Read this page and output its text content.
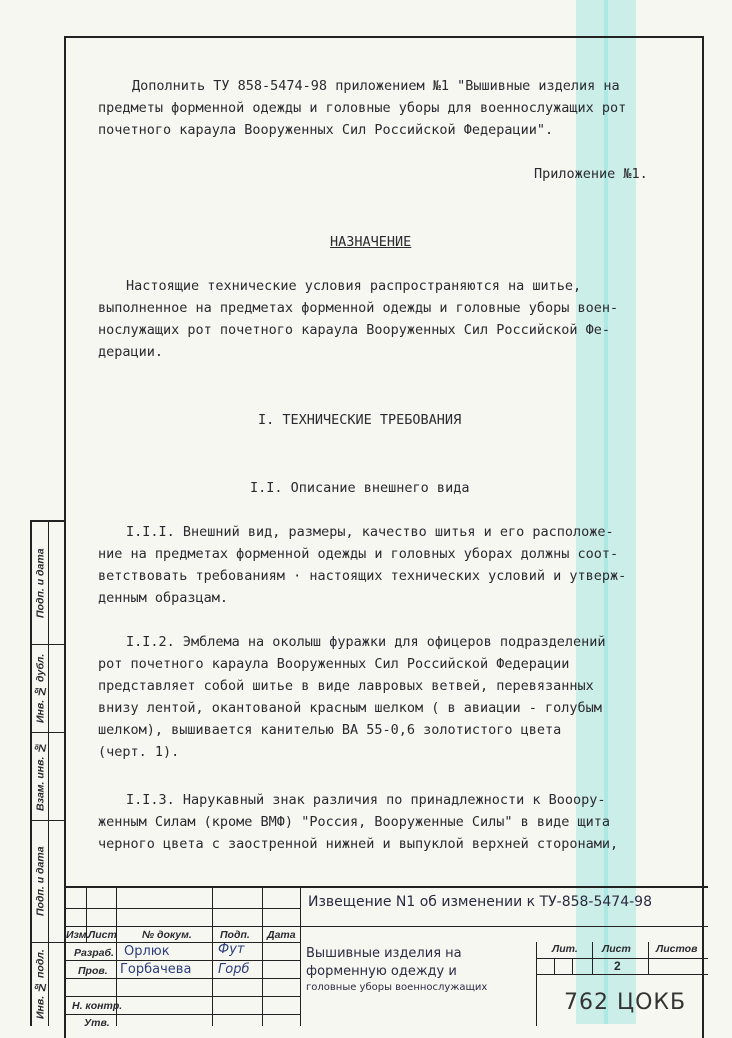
Дополнить ТУ 858-5474-98 приложением №1 "Вышивные изделия на
предметы форменной одежды и головные уборы для военнослужащих рот
почетного караула Вооруженных Сил Российской Федерации".
Приложение №1.
НАЗНАЧЕНИЕ
Настоящие технические условия распространяются на шитье,
выполненное на предметах форменной одежды и головные уборы воен-
нослужащих рот почетного караула Вооруженных Сил Российской Фе-
дерации.
I. ТЕХНИЧЕСКИЕ ТРЕБОВАНИЯ
I.I. Описание внешнего вида
I.I.I. Внешний вид, размеры, качество шитья и его расположе-
ние на предметах форменной одежды и головных уборах должны соот-
ветствовать требованиям · настоящих технических условий и утверж-
денным образцам.
I.I.2. Эмблема на околыш фуражки для офицеров подразделений
рот почетного караула Вооруженных Сил Российской Федерации
представляет собой шитье в виде лавровых ветвей, перевязанных
внизу лентой, окантованой красным шелком ( в авиации - голубым
шелком), вышивается канителью ВА 55-0,6 золотистого цвета
(черт. 1).
I.I.3. Нарукавный знак различия по принадлежности к Вооору-
женным Силам (кроме ВМФ) "Россия, Вооруженные Силы" в виде щита
черного цвета с заостренной нижней и выпуклой верхней сторонами,
Подп. и дата
Инв. № дубл.
Взам. инв. №
Подп. и дата
Инв. № подл.
Изм.
Лист № докум.	Подп. Дата
Разраб.
Пров.
Н. контр.
Утв.
Орлюк
Горбачева
Фут
Горб
Извещение N1 об изменении к ТУ-858-5474-98
Вышивные изделия на
форменную одежду и
головные уборы военнослужащих
Лит. Лист Листов
2
762 ЦОКБ
